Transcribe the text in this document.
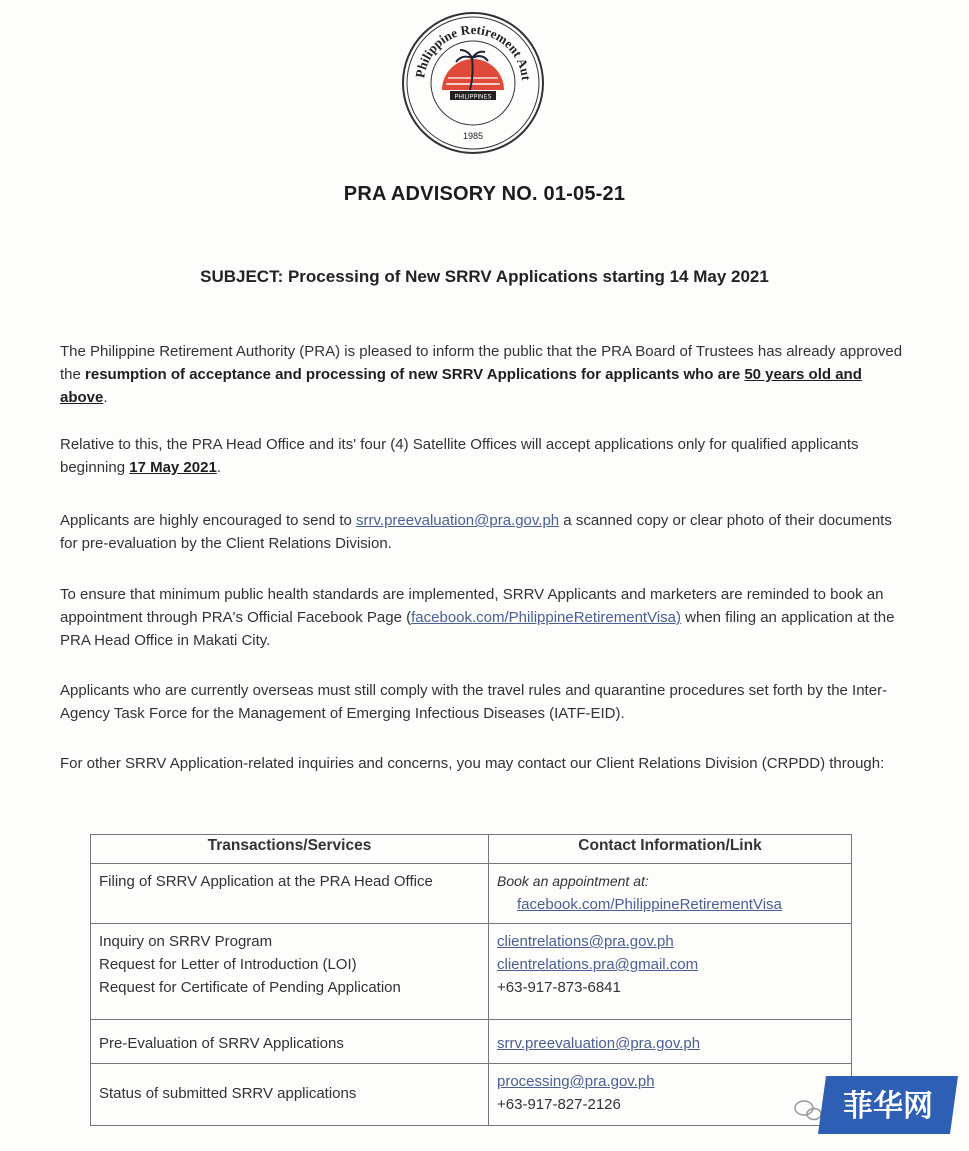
Philippine Retirement Aut
PHILIPPINES
1985
PRA ADVISORY NO. 01-05-21
SUBJECT: Processing of New SRRV Applications starting 14 May 2021
The Philippine Retirement Authority (PRA) is pleased to inform the public that the PRA Board of Trustees has already approved the resumption of acceptance and processing of new SRRV Applications for applicants who are 50 years old and above.
Relative to this, the PRA Head Office and its' four (4) Satellite Offices will accept applications only for qualified applicants beginning 17 May 2021.
Applicants are highly encouraged to send to srrv.preevaluation@pra.gov.ph a scanned copy or clear photo of their documents for pre-evaluation by the Client Relations Division.
To ensure that minimum public health standards are implemented, SRRV Applicants and marketers are reminded to book an appointment through PRA's Official Facebook Page (facebook.com/PhilippineRetirementVisa) when filing an application at the PRA Head Office in Makati City.
Applicants who are currently overseas must still comply with the travel rules and quarantine procedures set forth by the Inter-Agency Task Force for the Management of Emerging Infectious Diseases (IATF-EID).
For other SRRV Application-related inquiries and concerns, you may contact our Client Relations Division (CRPDD) through:
Transactions/Services	Contact Information/Link
Filing of SRRV Application at the PRA Head Office	Book an appointment at:
facebook.com/PhilippineRetirementVisa

Inquiry on SRRV Program
Request for Letter of Introduction (LOI)
Request for Certificate of Pending Application	clientrelations@pra.gov.ph
clientrelations.pra@gmail.com
+63-917-873-6841

Pre-Evaluation of SRRV Applications	srrv.preevaluation@pra.gov.ph

Status of submitted SRRV applications	processing@pra.gov.ph
+63-917-827-2126	菲华网
